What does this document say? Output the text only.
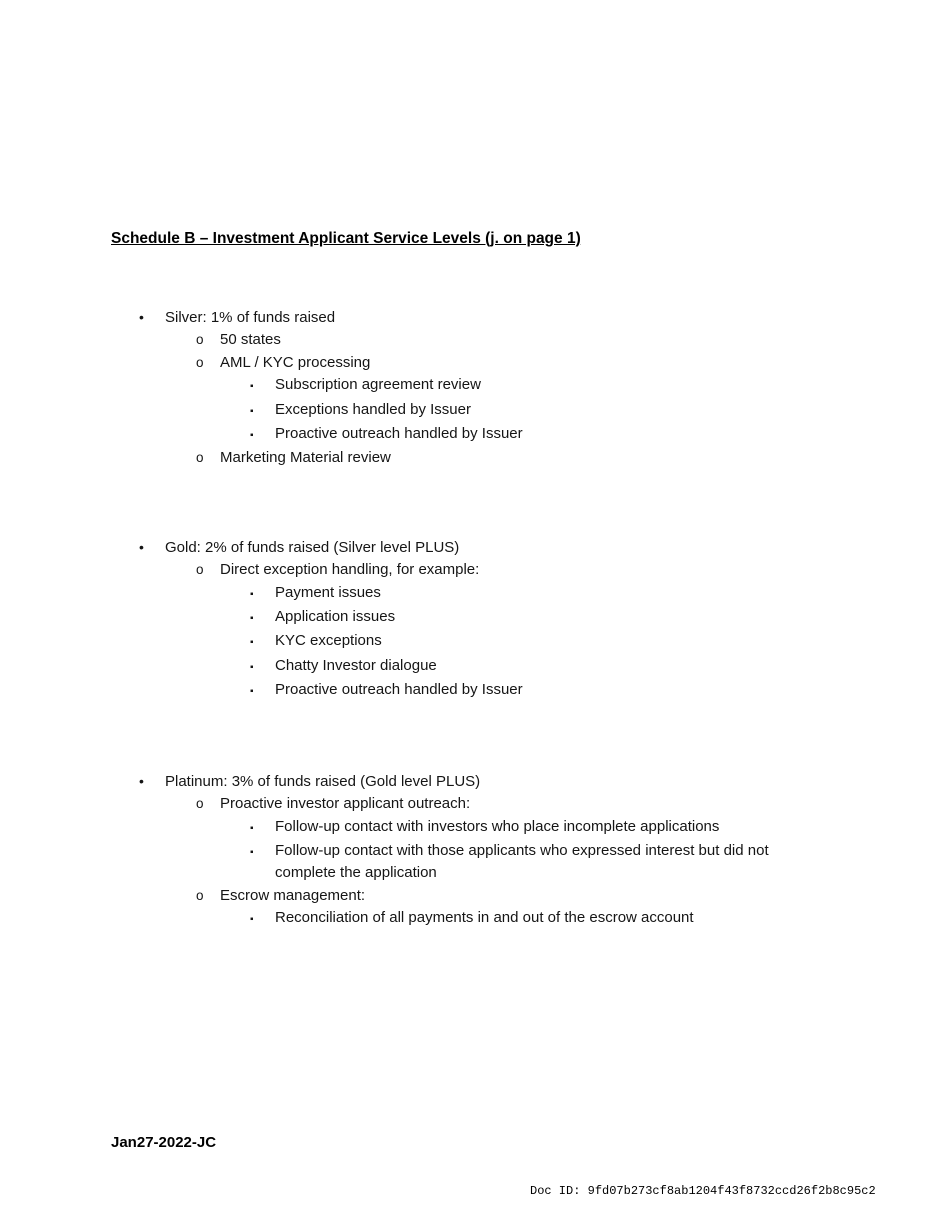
Schedule B – Investment Applicant Service Levels (j. on page 1)
•	Silver: 1% of funds raised
o	50 states
o	AML / KYC processing
▪	Subscription agreement review
▪	Exceptions handled by Issuer
▪	Proactive outreach handled by Issuer
o	Marketing Material review
•	Gold: 2% of funds raised (Silver level PLUS)
o	Direct exception handling, for example:
▪	Payment issues
▪	Application issues
▪	KYC exceptions
▪	Chatty Investor dialogue
▪	Proactive outreach handled by Issuer
•	Platinum: 3% of funds raised (Gold level PLUS)
o	Proactive investor applicant outreach:
▪	Follow-up contact with investors who place incomplete applications
▪	Follow-up contact with those applicants who expressed interest but did not complete the application
o	Escrow management:
▪	Reconciliation of all payments in and out of the escrow account
Jan27-2022-JC
Doc ID: 9fd07b273cf8ab1204f43f8732ccd26f2b8c95c2
